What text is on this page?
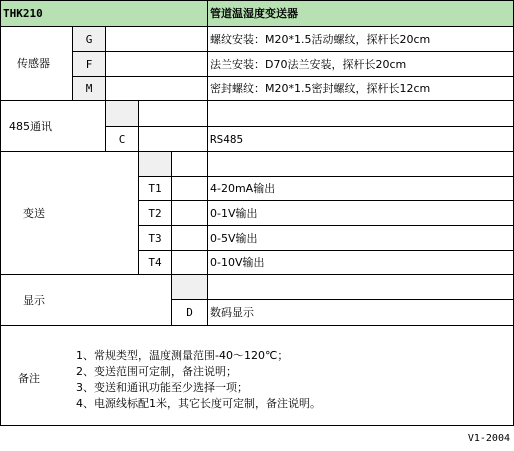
THK210	管道温湿度变送器
传感器
G	螺纹安装：M20*1.5活动螺纹，探杆长20cm
F	法兰安装：D70法兰安装，探杆长20cm
M	密封螺纹：M20*1.5密封螺纹，探杆长12cm
485通讯
C	RS485
变送
T1	4-20mA输出
T2	0-1V输出
T3	0-5V输出
T4	0-10V输出
显示
D 数码显示
备注
1、常规类型，温度测量范围-40～120℃；
2、变送范围可定制，备注说明；
3、变送和通讯功能至少选择一项；
4、电源线标配1米，其它长度可定制，备注说明。
V1-2004
